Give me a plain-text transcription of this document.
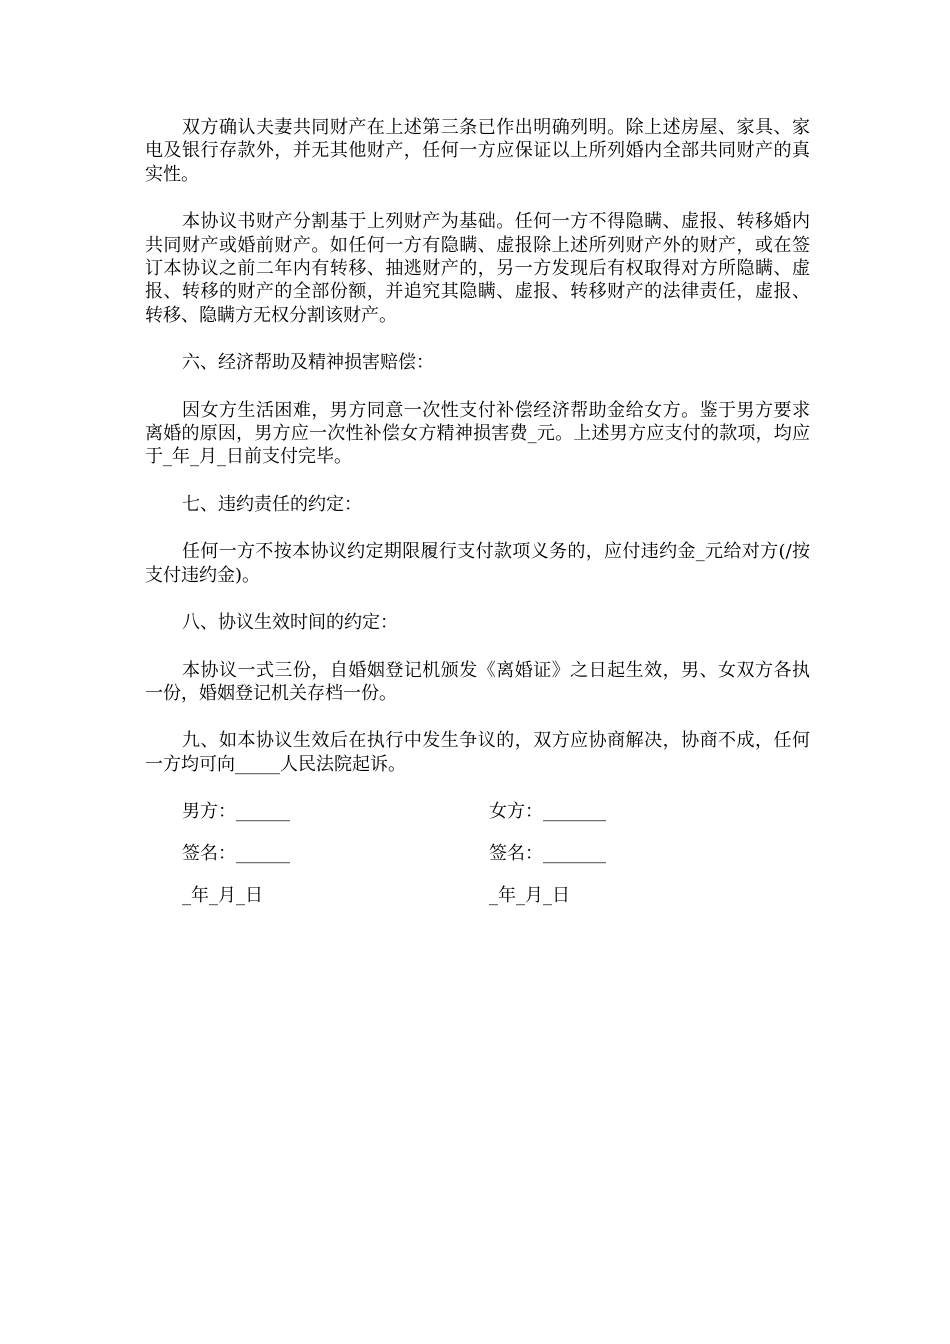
双方确认夫妻共同财产在上述第三条已作出明确列明。除上述房屋、家具、家电及银行存款外，并无其他财产，任何一方应保证以上所列婚内全部共同财产的真实性。

本协议书财产分割基于上列财产为基础。任何一方不得隐瞒、虚报、转移婚内共同财产或婚前财产。如任何一方有隐瞒、虚报除上述所列财产外的财产，或在签订本协议之前二年内有转移、抽逃财产的，另一方发现后有权取得对方所隐瞒、虚报、转移的财产的全部份额，并追究其隐瞒、虚报、转移财产的法律责任，虚报、转移、隐瞒方无权分割该财产。

六、经济帮助及精神损害赔偿：

因女方生活困难，男方同意一次性支付补偿经济帮助金给女方。鉴于男方要求离婚的原因，男方应一次性补偿女方精神损害费_元。上述男方应支付的款项，均应于_年_月_日前支付完毕。

七、违约责任的约定：

任何一方不按本协议约定期限履行支付款项义务的，应付违约金_元给对方(/按支付违约金)。

八、协议生效时间的约定：

本协议一式三份，自婚姻登记机颁发《离婚证》之日起生效，男、女双方各执一份，婚姻登记机关存档一份。

九、如本协议生效后在执行中发生争议的，双方应协商解决，协商不成，任何一方均可向_____人民法院起诉。

男方：______	女方：_______
签名：______	签名：_______
_年_月_日	_年_月_日
